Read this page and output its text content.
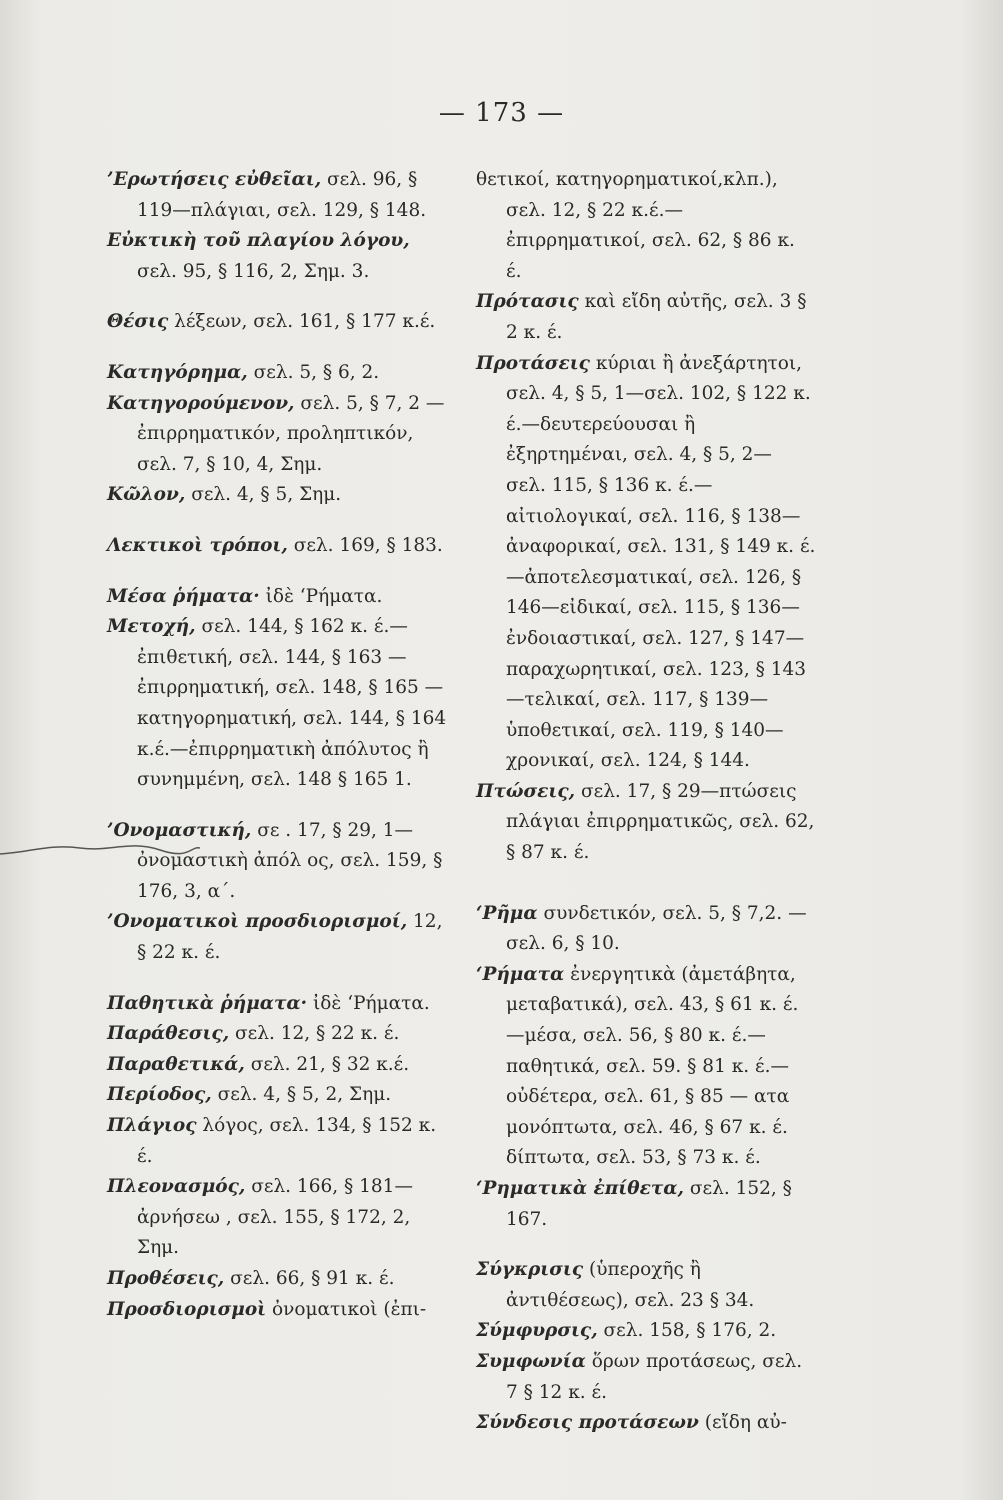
— 173 —

’Ερωτήσεις εὐθεῖαι, σελ. 96, § 119—πλάγιαι, σελ. 129, § 148.

Εὐκτικὴ τοῦ πλαγίου λόγου, σελ. 95, § 116, 2, Σημ. 3.

Θέσις λέξεων, σελ. 161, § 177 κ.έ.

Κατηγόρημα, σελ. 5, § 6, 2.

Κατηγορούμενον, σελ. 5, § 7, 2 — ἐπιρρηματικόν, προληπτικόν, σελ. 7, § 10, 4, Σημ.

Κῶλον, σελ. 4, § 5, Σημ.

Λεκτικοὶ τρόποι, σελ. 169, § 183.

Μέσα ῥήματα· ἰδὲ ‘Ρήματα.

Μετοχή, σελ. 144, § 162 κ. έ.— ἐπιθετική, σελ. 144, § 163 — ἐπιρρηματική, σελ. 148, § 165 —κατηγορηματική, σελ. 144, § 164 κ.έ.—ἐπιρρηματικὴ ἀπόλυτος ἢ συνημμένη, σελ. 148 § 165 1.

’Ονομαστική, σε . 17, § 29, 1— ὀνομαστικὴ ἀπόλ ος, σελ. 159, § 176, 3, α΄.

’Ονοματικοὶ προσδιορισμοί, 12, § 22 κ. έ.

Παθητικὰ ῥήματα· ἰδὲ ‘Ρήματα.

Παράθεσις, σελ. 12, § 22 κ. έ.

Παραθετικά, σελ. 21, § 32 κ.έ.

Περίοδος, σελ. 4, § 5, 2, Σημ.

Πλάγιος λόγος, σελ. 134, § 152 κ. έ.

Πλεονασμός, σελ. 166, § 181— ἀρνήσεω , σελ. 155, § 172, 2, Σημ.

Προθέσεις, σελ. 66, § 91 κ. έ.

Προσδιορισμοὶ ὀνοματικοὶ (ἐπι-

θετικοί, κατηγορηματικοί,κλπ.), σελ. 12, § 22 κ.έ.—ἐπιρρηματικοί, σελ. 62, § 86 κ. έ.

Πρότασις καὶ εἴδη αὐτῆς, σελ. 3 § 2 κ. έ.

Προτάσεις κύριαι ἢ ἀνεξάρτητοι, σελ. 4, § 5, 1—σελ. 102, § 122 κ. έ.—δευτερεύουσαι ἢ ἐξηρτημέναι, σελ. 4, § 5, 2— σελ. 115, § 136 κ. έ.—αἰτιολογικαί, σελ. 116, § 138—ἀναφορικαί, σελ. 131, § 149 κ. έ.—ἀποτελεσματικαί, σελ. 126, § 146—εἰδικαί, σελ. 115, § 136—ἐνδοιαστικαί, σελ. 127, § 147—παραχωρητικαί, σελ. 123, § 143—τελικαί, σελ. 117, § 139—ὑποθετικαί, σελ. 119, § 140—χρονικαί, σελ. 124, § 144.

Πτώσεις, σελ. 17, § 29—πτώσεις πλάγιαι ἐπιρρηματικῶς, σελ. 62, § 87 κ. έ.

‘Ρῆμα συνδετικόν, σελ. 5, § 7,2. —σελ. 6, § 10.

‘Ρήματα ἐνεργητικὰ (ἀμετάβητα, μεταβατικά), σελ. 43, § 61 κ. έ.—μέσα, σελ. 56, § 80 κ. έ.—παθητικά, σελ. 59. § 81 κ. έ.—οὐδέτερα, σελ. 61, § 85 — ατα μονόπτωτα, σελ. 46, § 67 κ. έ. δίπτωτα, σελ. 53, § 73 κ. έ.

‘Ρηματικὰ ἐπίθετα, σελ. 152, § 167.

Σύγκρισις (ὑπεροχῆς ἢ ἀντιθέσεως), σελ. 23 § 34.

Σύμφυρσις, σελ. 158, § 176, 2.

Συμφωνία ὅρων προτάσεως, σελ. 7 § 12 κ. έ.

Σύνδεσις προτάσεων (εἴδη αὐ-
